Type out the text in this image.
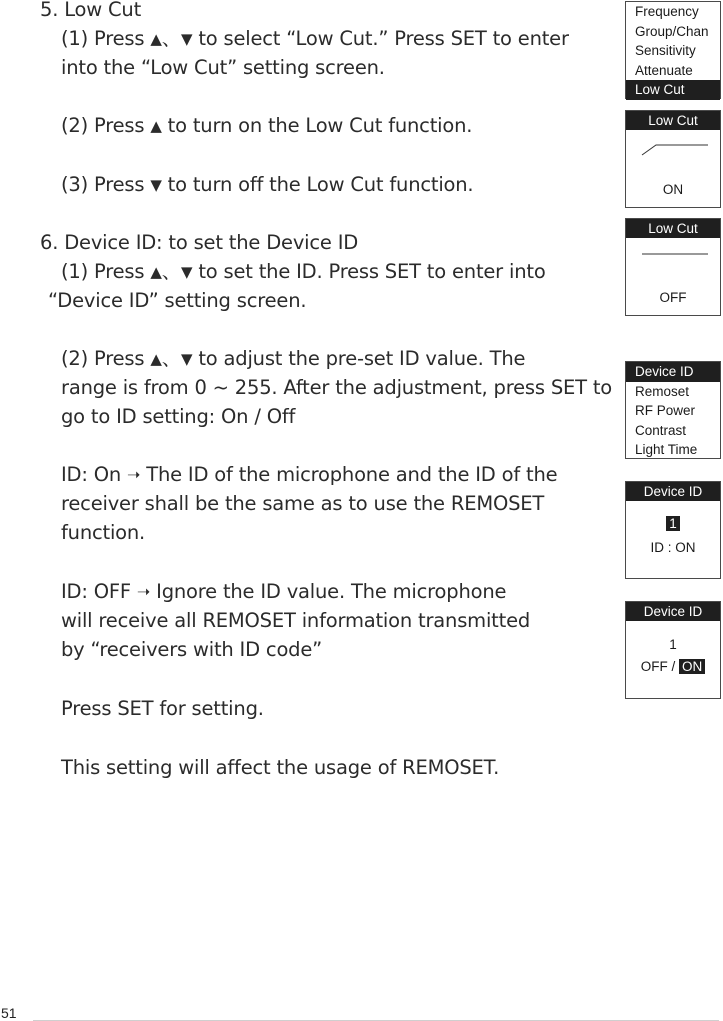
5. Low Cut
(1) Press ▲、▼ to select “Low Cut.” Press SET to enter
into the “Low Cut” setting screen.
(2) Press ▲ to turn on the Low Cut function.
(3) Press ▼ to turn off the Low Cut function.
6. Device ID: to set the Device ID
(1) Press ▲、▼ to set the ID. Press SET to enter into
“Device ID” setting screen.
(2) Press ▲、▼ to adjust the pre-set ID value. The
range is from 0 ~ 255. After the adjustment, press SET to
go to ID setting: On / Off
ID: On ➝ The ID of the microphone and the ID of the
receiver shall be the same as to use the REMOSET
function.
ID: OFF ➝ Ignore the ID value. The microphone
will receive all REMOSET information transmitted
by “receivers with ID code”
Press SET for setting.
This setting will affect the usage of REMOSET.
Frequency
Group/Chan
Sensitivity
Attenuate
Low Cut
Low Cut
ON
Low Cut
OFF
Device ID
Remoset
RF Power
Contrast
Light Time
Device ID
1
ID : ON
Device ID
1
OFF / ON
51
